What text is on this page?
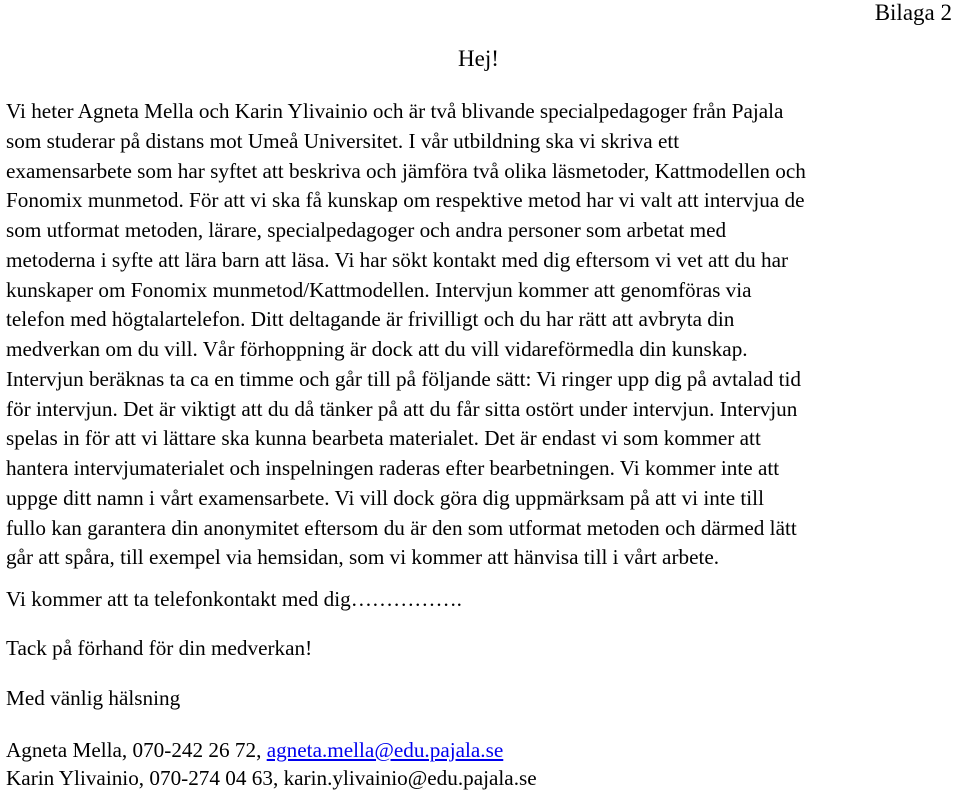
Bilaga 2
Hej!
Vi heter Agneta Mella och Karin Ylivainio och är två blivande specialpedagoger från Pajala
som studerar på distans mot Umeå Universitet. I vår utbildning ska vi skriva ett
examensarbete som har syftet att beskriva och jämföra två olika läsmetoder, Kattmodellen och
Fonomix munmetod. För att vi ska få kunskap om respektive metod har vi valt att intervjua de
som utformat metoden, lärare, specialpedagoger och andra personer som arbetat med
metoderna i syfte att lära barn att läsa. Vi har sökt kontakt med dig eftersom vi vet att du har
kunskaper om Fonomix munmetod/Kattmodellen. Intervjun kommer att genomföras via
telefon med högtalartelefon. Ditt deltagande är frivilligt och du har rätt att avbryta din
medverkan om du vill. Vår förhoppning är dock att du vill vidareförmedla din kunskap.
Intervjun beräknas ta ca en timme och går till på följande sätt: Vi ringer upp dig på avtalad tid
för intervjun. Det är viktigt att du då tänker på att du får sitta ostört under intervjun. Intervjun
spelas in för att vi lättare ska kunna bearbeta materialet. Det är endast vi som kommer att
hantera intervjumaterialet och inspelningen raderas efter bearbetningen. Vi kommer inte att
uppge ditt namn i vårt examensarbete. Vi vill dock göra dig uppmärksam på att vi inte till
fullo kan garantera din anonymitet eftersom du är den som utformat metoden och därmed lätt
går att spåra, till exempel via hemsidan, som vi kommer att hänvisa till i vårt arbete.
Vi kommer att ta telefonkontakt med dig…………….
Tack på förhand för din medverkan!
Med vänlig hälsning
Agneta Mella, 070-242 26 72, agneta.mella@edu.pajala.se
Karin Ylivainio, 070-274 04 63, karin.ylivainio@edu.pajala.se
